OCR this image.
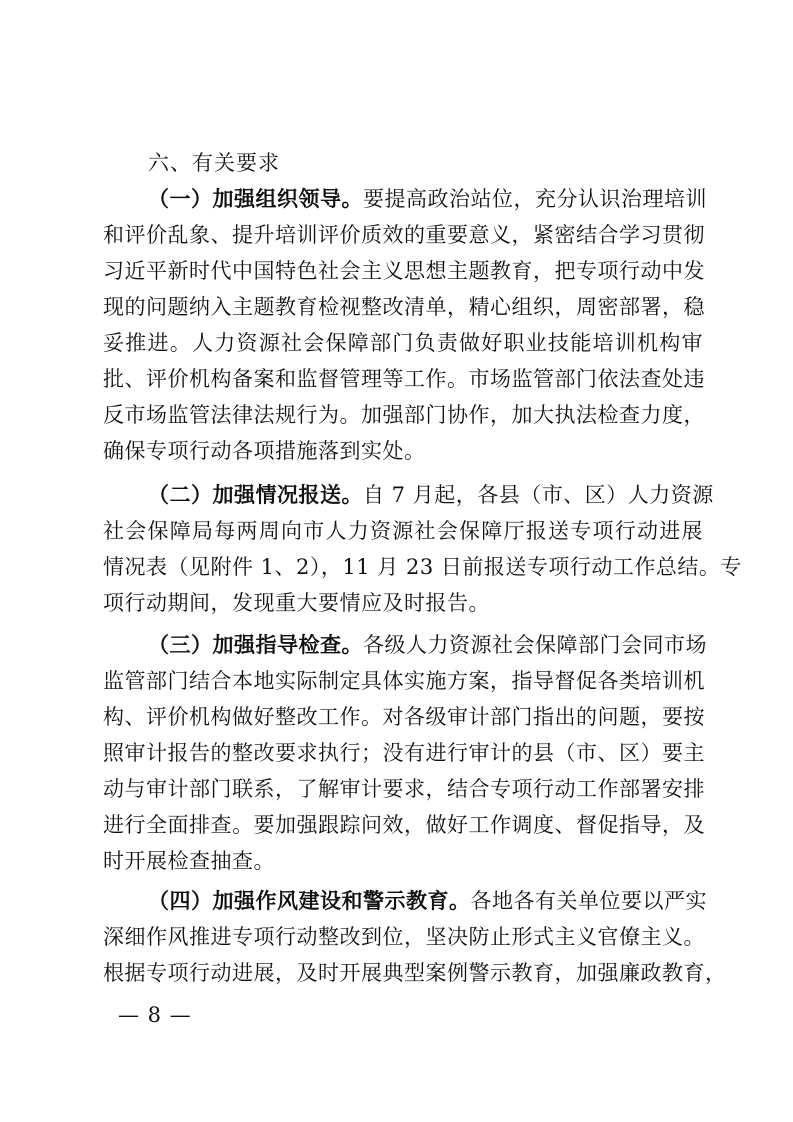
六、有关要求
（一）加强组织领导。要提高政治站位，充分认识治理培训
和评价乱象、提升培训评价质效的重要意义，紧密结合学习贯彻
习近平新时代中国特色社会主义思想主题教育，把专项行动中发
现的问题纳入主题教育检视整改清单，精心组织，周密部署，稳
妥推进。人力资源社会保障部门负责做好职业技能培训机构审
批、评价机构备案和监督管理等工作。市场监管部门依法查处违
反市场监管法律法规行为。加强部门协作，加大执法检查力度，
确保专项行动各项措施落到实处。
（二）加强情况报送。自 7 月起，各县（市、区）人力资源
社会保障局每两周向市人力资源社会保障厅报送专项行动进展
情况表（见附件 1、2），11 月 23 日前报送专项行动工作总结。专
项行动期间，发现重大要情应及时报告。
（三）加强指导检查。各级人力资源社会保障部门会同市场
监管部门结合本地实际制定具体实施方案，指导督促各类培训机
构、评价机构做好整改工作。对各级审计部门指出的问题，要按
照审计报告的整改要求执行；没有进行审计的县（市、区）要主
动与审计部门联系，了解审计要求，结合专项行动工作部署安排
进行全面排查。要加强跟踪问效，做好工作调度、督促指导，及
时开展检查抽查。
（四）加强作风建设和警示教育。各地各有关单位要以严实
深细作风推进专项行动整改到位，坚决防止形式主义官僚主义。
根据专项行动进展，及时开展典型案例警示教育，加强廉政教育，
— 8 —
